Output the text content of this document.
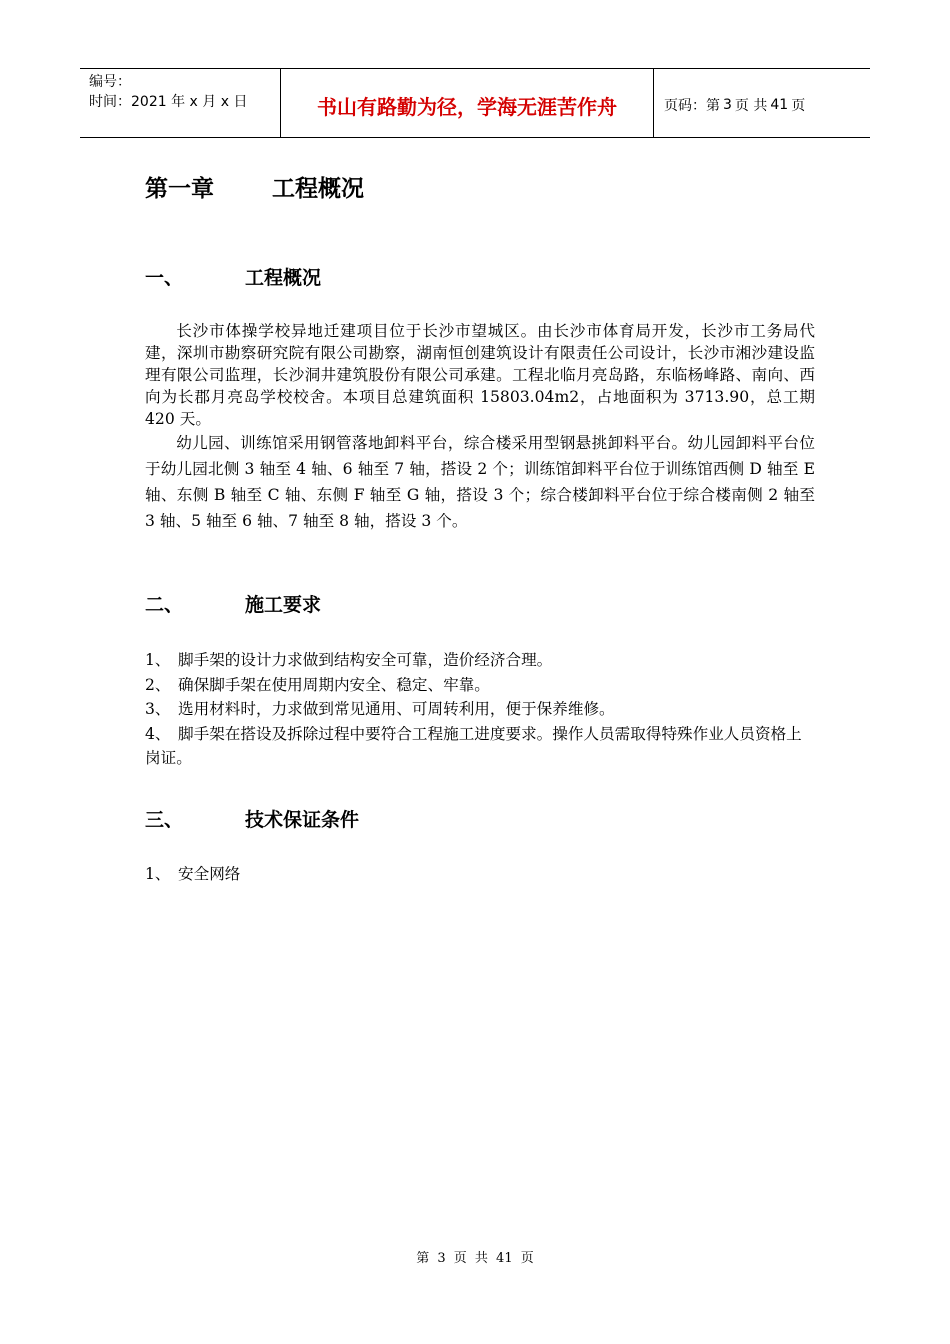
编号：
时间：2021 年 x 月 x 日	书山有路勤为径，学海无涯苦作舟	页码：第 3 页 共 41 页
第一章	工程概况
一、	工程概况

长沙市体操学校异地迁建项目位于长沙市望城区。由长沙市体育局开发，长沙市工务局代建，深圳市勘察研究院有限公司勘察，湖南恒创建筑设计有限责任公司设计，长沙市湘沙建设监理有限公司监理，长沙洞井建筑股份有限公司承建。工程北临月亮岛路，东临杨峰路、南向、西向为长郡月亮岛学校校舍。本项目总建筑面积 15803.04m2，占地面积为 3713.90，总工期 420 天。

幼儿园、训练馆采用钢管落地卸料平台，综合楼采用型钢悬挑卸料平台。幼儿园卸料平台位于幼儿园北侧 3 轴至 4 轴、6 轴至 7 轴，搭设 2 个；训练馆卸料平台位于训练馆西侧 D 轴至 E 轴、东侧 B 轴至 C 轴、东侧 F 轴至 G 轴，搭设 3 个；综合楼卸料平台位于综合楼南侧 2 轴至 3 轴、5 轴至 6 轴、7 轴至 8 轴，搭设 3 个。

二、	施工要求
1、 脚手架的设计力求做到结构安全可靠，造价经济合理。
2、 确保脚手架在使用周期内安全、稳定、牢靠。
3、 选用材料时，力求做到常见通用、可周转利用，便于保养维修。
4、 脚手架在搭设及拆除过程中要符合工程施工进度要求。操作人员需取得特殊作业人员资格上岗证。
三、	技术保证条件
1、 安全网络
第 3 页 共 41 页
